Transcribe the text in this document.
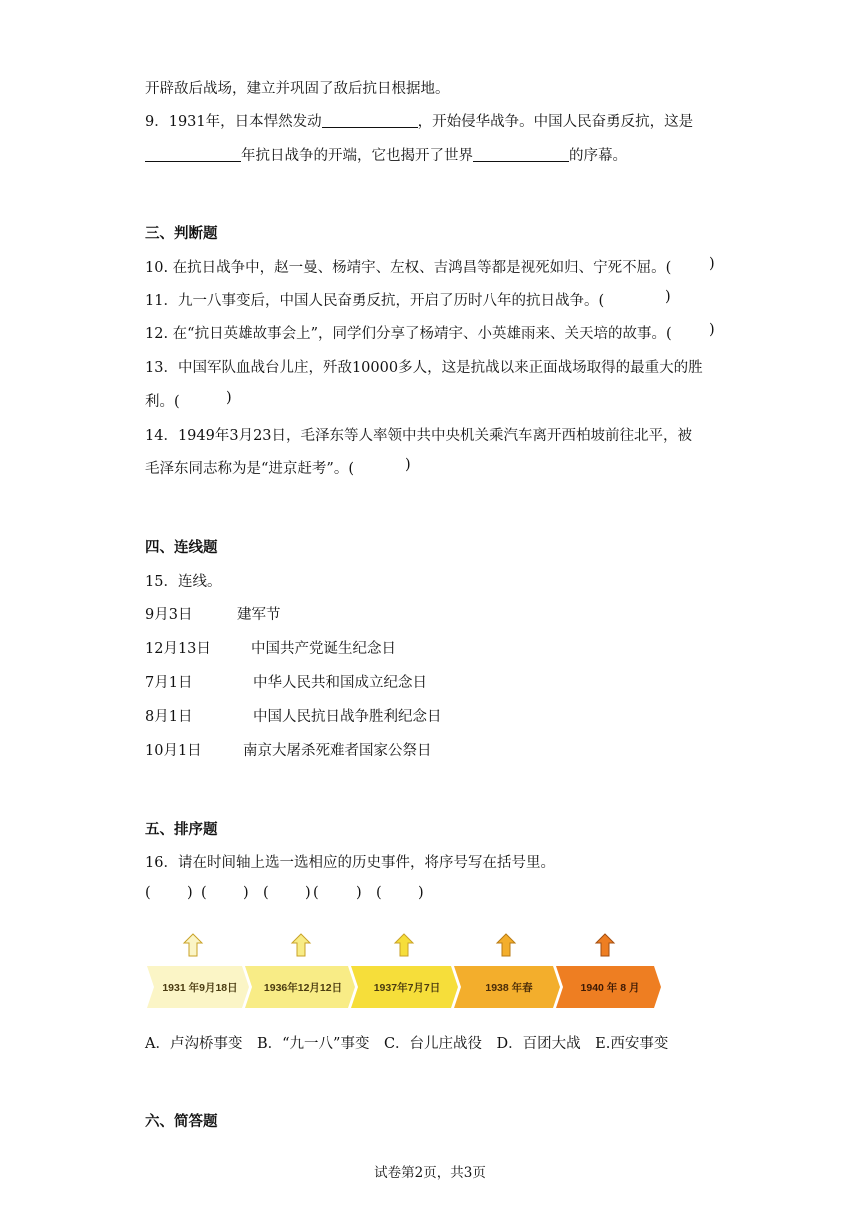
开辟敌后战场，建立并巩固了敌后抗日根据地。
9．1931年，日本悍然发动	，开始侵华战争。中国人民奋勇反抗，这是
年抗日战争的开端，它也揭开了世界	的序幕。
三、判断题
10. 在抗日战争中，赵一曼、杨靖宇、左权、吉鸿昌等都是视死如归、宁死不屈。(	)
11．九一八事变后，中国人民奋勇反抗，开启了历时八年的抗日战争。(	)
12. 在“抗日英雄故事会上”，同学们分享了杨靖宇、小英雄雨来、关天培的故事。(	)
13．中国军队血战台儿庄，歼敌10000多人，这是抗战以来正面战场取得的最重大的胜
利。(	)
14．1949年3月23日，毛泽东等人率领中共中央机关乘汽车离开西柏坡前往北平，被
毛泽东同志称为是“进京赶考”。(	)
四、连线题
15．连线。
9月3日	建军节
12月13日	中国共产党诞生纪念日
7月1日	中华人民共和国成立纪念日
8月1日	中国人民抗日战争胜利纪念日
10月1日	南京大屠杀死难者国家公祭日
五、排序题
16．请在时间轴上选一选相应的历史事件，将序号写在括号里。
(	) (	) (	) (	) (	)
1931 年9月18日 1936年12月12日	1937年7月7日	1938 年春	1940 年 8 月
A．卢沟桥事变　B．“九一八”事变　C．台儿庄战役　D．百团大战　E.西安事变
六、简答题
试卷第2页，共3页
